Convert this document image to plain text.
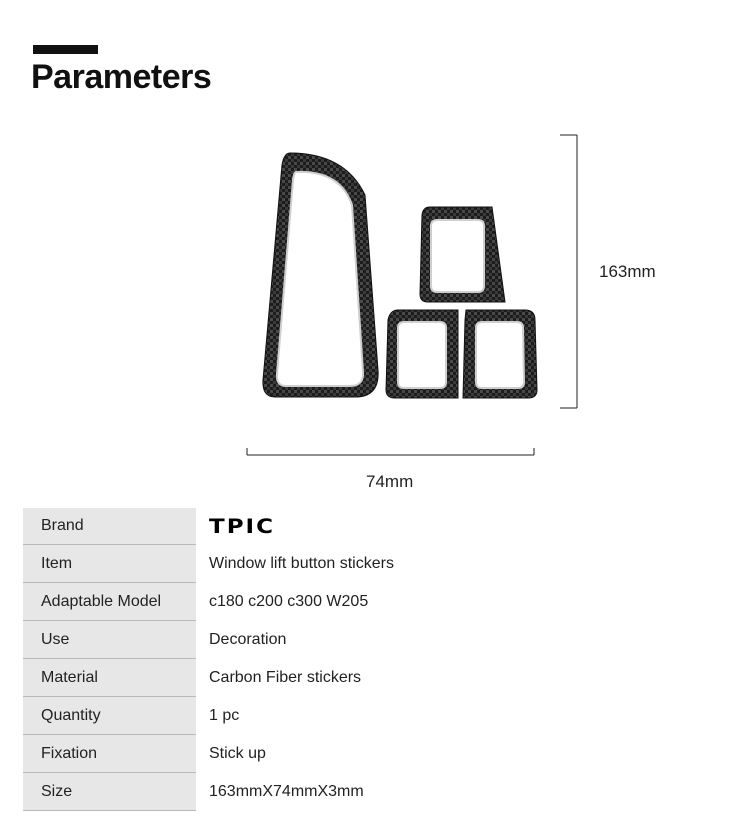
Parameters
163mm
74mm
Brand	TPIC
Item	Window lift button stickers
Adaptable Model	c180 c200 c300 W205
Use	Decoration
Material	Carbon Fiber stickers
Quantity	1 pc
Fixation	Stick up
Size	163mmX74mmX3mm
